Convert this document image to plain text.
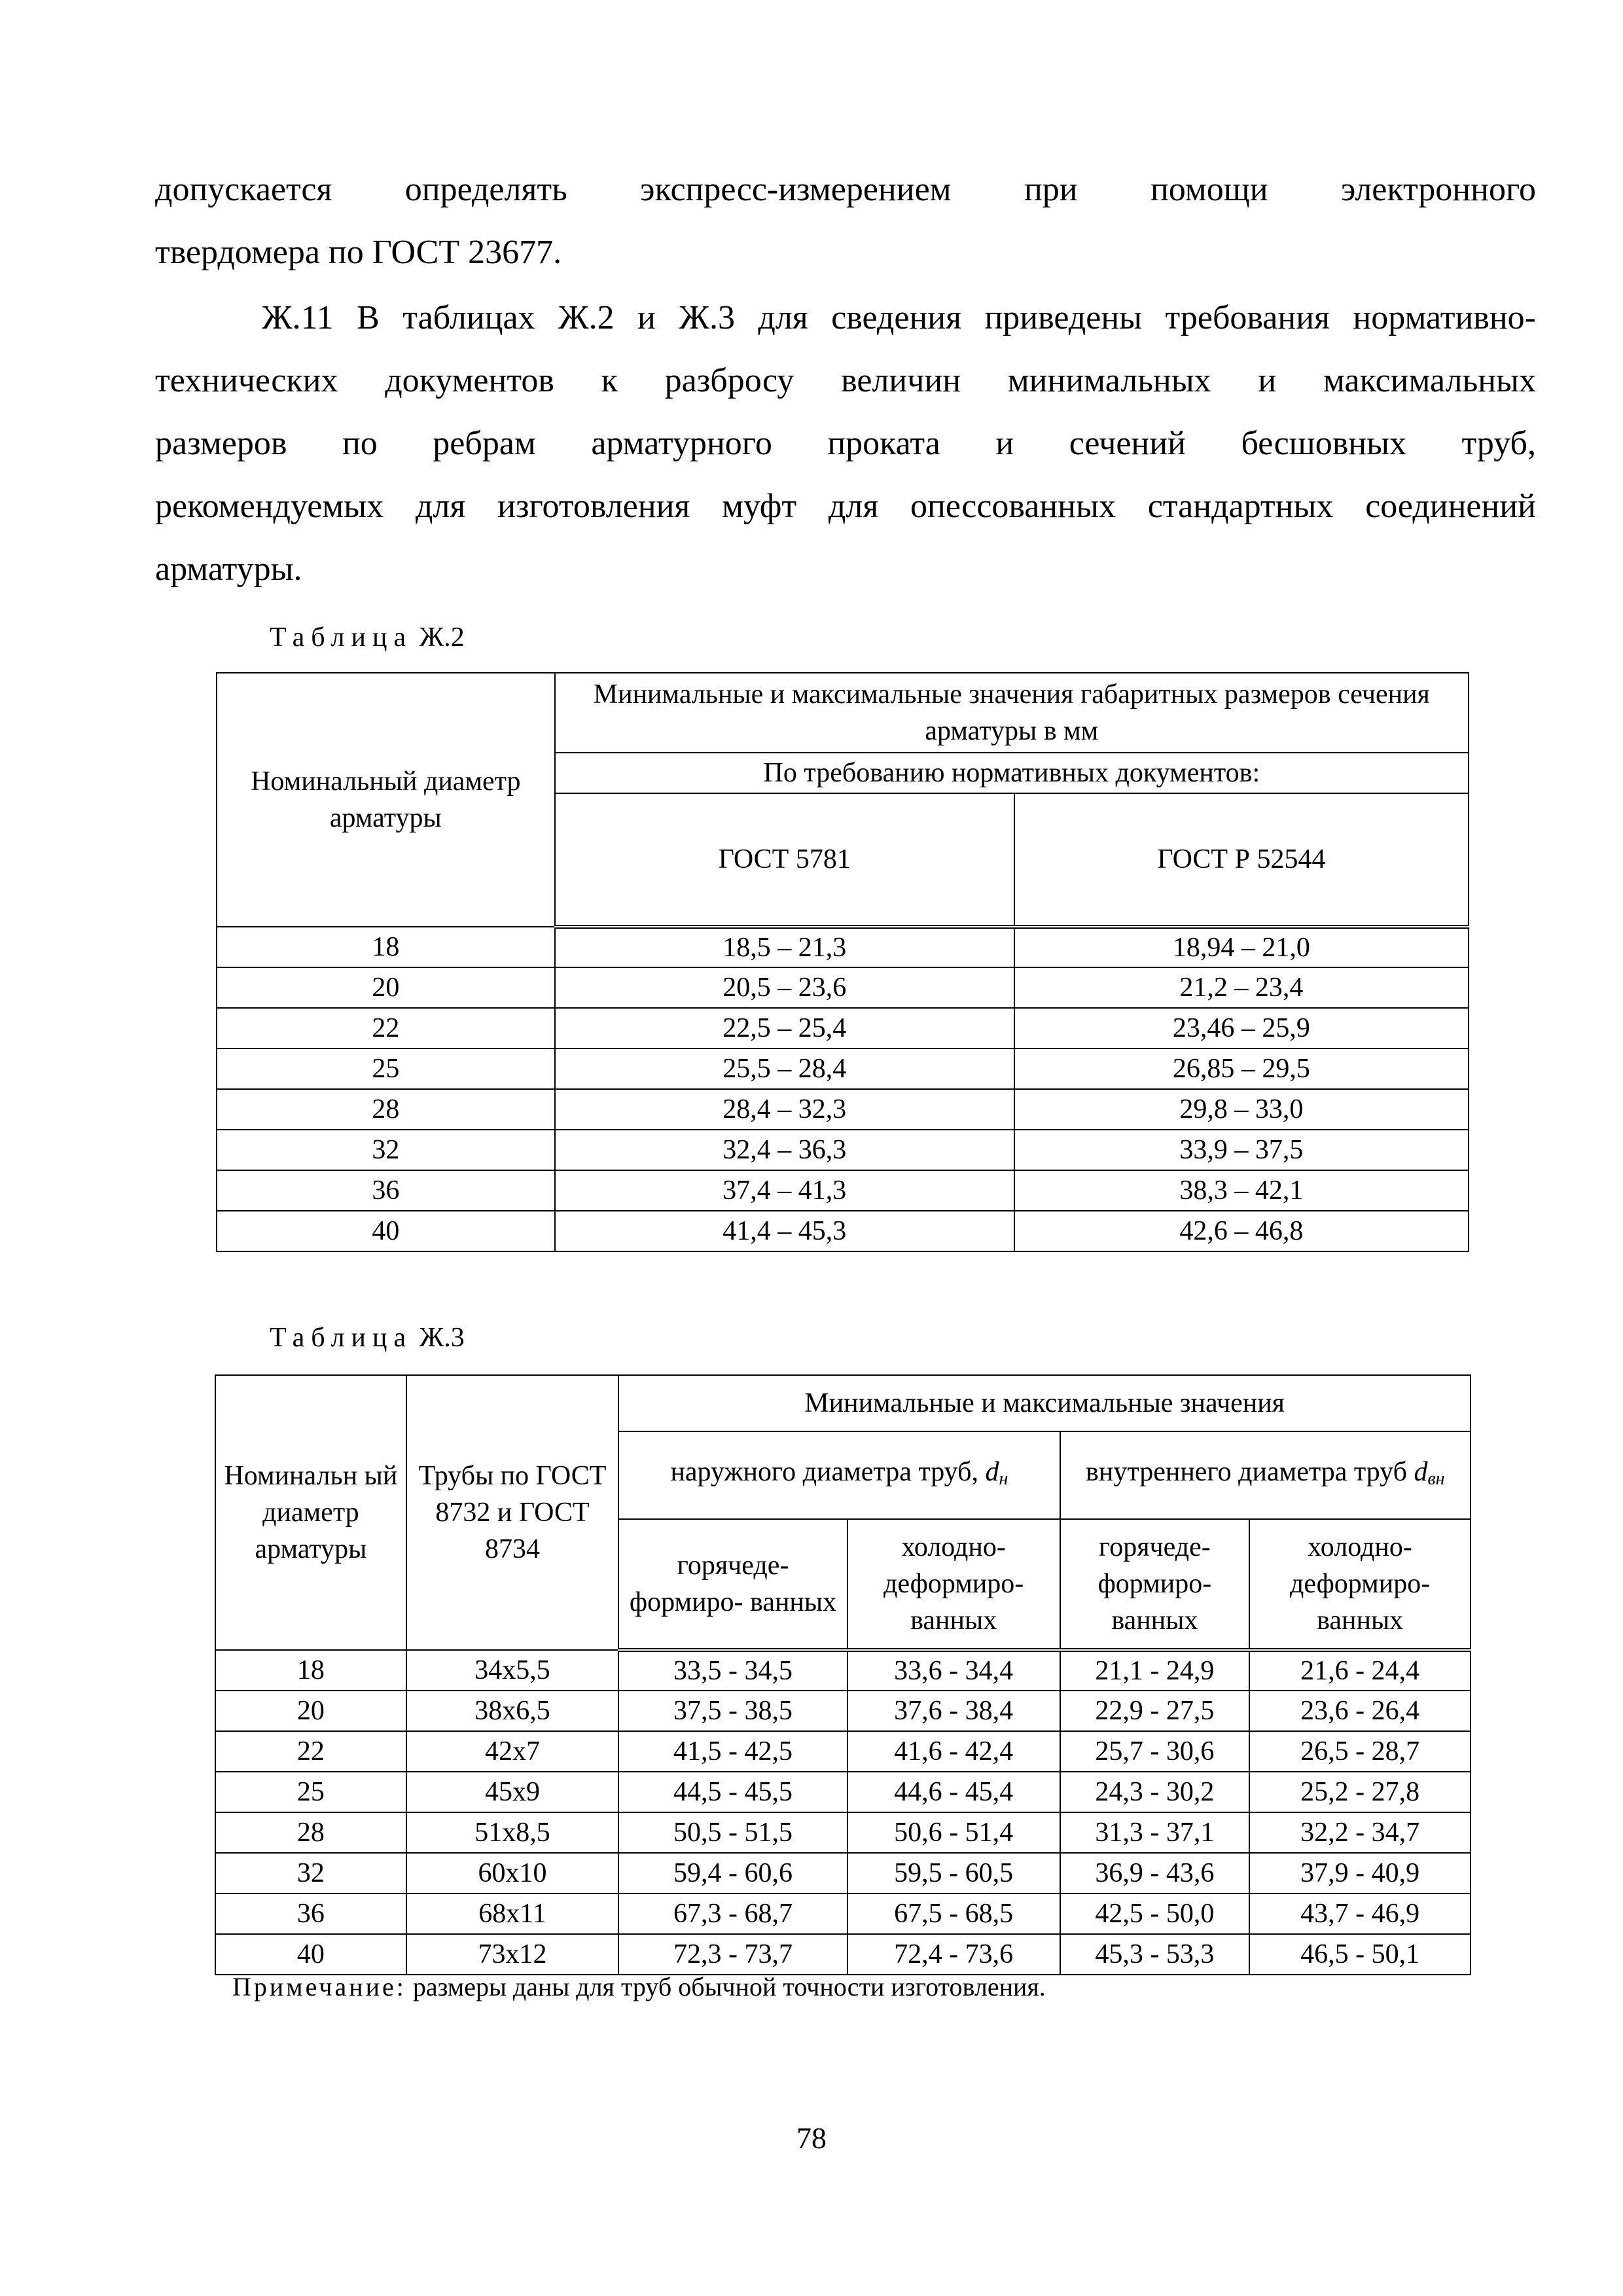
допускается определять экспресс-измерением при помощи электронного
твердомера по ГОСТ 23677.
Ж.11 В таблицах Ж.2 и Ж.3 для сведения приведены требования нормативно-
технических документов к разбросу величин минимальных и максимальных
размеров по ребрам арматурного проката и сечений бесшовных труб,
рекомендуемых для изготовления муфт для опессованных стандартных соединений
арматуры.
Таблица Ж.2
Номинальный диаметр арматуры	Минимальные и максимальные значения габаритных размеров сечения арматуры в мм	
	По требованию нормативных документов:	
	ГОСТ 5781	ГОСТ Р 52544
18	18,5 – 21,3	18,94 – 21,0
20	20,5 – 23,6	21,2 – 23,4
22	22,5 – 25,4	23,46 – 25,9
25	25,5 – 28,4	26,85 – 29,5
28	28,4 – 32,3	29,8 – 33,0
32	32,4 – 36,3	33,9 – 37,5
36	37,4 – 41,3	38,3 – 42,1
40	41,4 – 45,3	42,6 – 46,8
Таблица Ж.3
Номинальн ый диаметр арматуры	Трубы по ГОСТ 8732 и ГОСТ 8734	Минимальные и максимальные значения			
		наружного диаметра труб, $d_н$		внутреннего диаметра труб $d_{вн}$
		горячеде- формиро- ванных	холодно- деформиро- ванных	горячеде- формиро- ванных	холодно- деформиро- ванных
18	34x5,5	33,5 - 34,5	33,6 - 34,4	21,1 - 24,9	21,6 - 24,4
20	38x6,5	37,5 - 38,5	37,6 - 38,4	22,9 - 27,5	23,6 - 26,4
22	42x7	41,5 - 42,5	41,6 - 42,4	25,7 - 30,6	26,5 - 28,7
25	45x9	44,5 - 45,5	44,6 - 45,4	24,3 - 30,2	25,2 - 27,8
28	51x8,5	50,5 - 51,5	50,6 - 51,4	31,3 - 37,1	32,2 - 34,7
32	60x10	59,4 - 60,6	59,5 - 60,5	36,9 - 43,6	37,9 - 40,9
36	68x11	67,3 - 68,7	67,5 - 68,5	42,5 - 50,0	43,7 - 46,9
40	73x12	72,3 - 73,7	72,4 - 73,6	45,3 - 53,3	46,5 - 50,1
Примечание: размеры даны для труб обычной точности изготовления.
78
